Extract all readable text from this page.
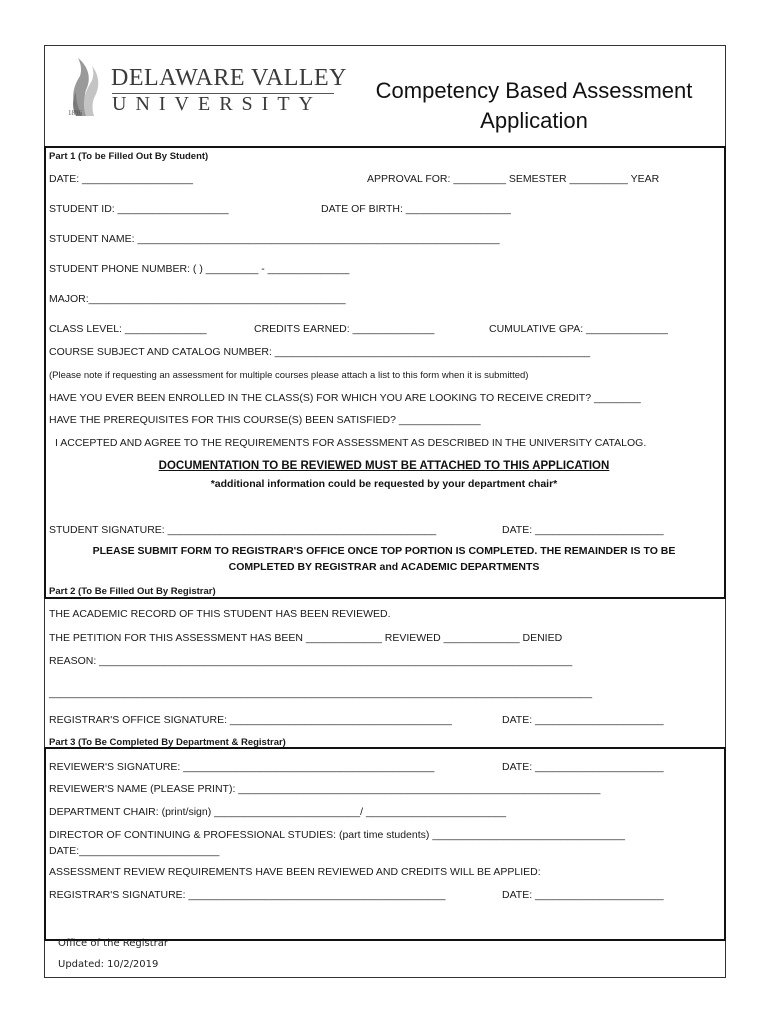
DELAWARE VALLEY
UNIVERSITY
1896
Competency Based Assessment
Application
Part 1 (To be Filled Out By Student)
DATE: ___________________	APPROVAL FOR: _________ SEMESTER __________ YEAR
STUDENT ID: ___________________	DATE OF BIRTH: __________________
STUDENT NAME: ______________________________________________________________
STUDENT PHONE NUMBER: ( ) _________ - ______________
MAJOR:____________________________________________
CLASS LEVEL: ______________	CREDITS EARNED: ______________	CUMULATIVE GPA: ______________
COURSE SUBJECT AND CATALOG NUMBER: ______________________________________________________
(Please note if requesting an assessment for multiple courses please attach a list to this form when it is submitted)
HAVE YOU EVER BEEN ENROLLED IN THE CLASS(S) FOR WHICH YOU ARE LOOKING TO RECEIVE CREDIT? ________
HAVE THE PREREQUISITES FOR THIS COURSE(S) BEEN SATISFIED? ______________
I ACCEPTED AND AGREE TO THE REQUIREMENTS FOR ASSESSMENT AS DESCRIBED IN THE UNIVERSITY CATALOG.
DOCUMENTATION TO BE REVIEWED MUST BE ATTACHED TO THIS APPLICATION
*additional information could be requested by your department chair*
STUDENT SIGNATURE: ______________________________________________	DATE: ______________________
PLEASE SUBMIT FORM TO REGISTRAR'S OFFICE ONCE TOP PORTION IS COMPLETED. THE REMAINDER IS TO BE
COMPLETED BY REGISTRAR and ACADEMIC DEPARTMENTS
Part 2 (To Be Filled Out By Registrar)
THE ACADEMIC RECORD OF THIS STUDENT HAS BEEN REVIEWED.
THE PETITION FOR THIS ASSESSMENT HAS BEEN _____________ REVIEWED _____________ DENIED
REASON: _________________________________________________________________________________
_____________________________________________________________________________________________
REGISTRAR'S OFFICE SIGNATURE: ______________________________________	DATE: ______________________
Part 3 (To Be Completed By Department & Registrar)
REVIEWER'S SIGNATURE: ___________________________________________	DATE: ______________________
REVIEWER'S NAME (PLEASE PRINT): ______________________________________________________________
DEPARTMENT CHAIR: (print/sign) _________________________/ ________________________
DIRECTOR OF CONTINUING & PROFESSIONAL STUDIES: (part time students) _________________________________
DATE:________________________
ASSESSMENT REVIEW REQUIREMENTS HAVE BEEN REVIEWED AND CREDITS WILL BE APPLIED:
REGISTRAR'S SIGNATURE: ____________________________________________	DATE: ______________________
Office of the Registrar
Updated: 10/2/2019
